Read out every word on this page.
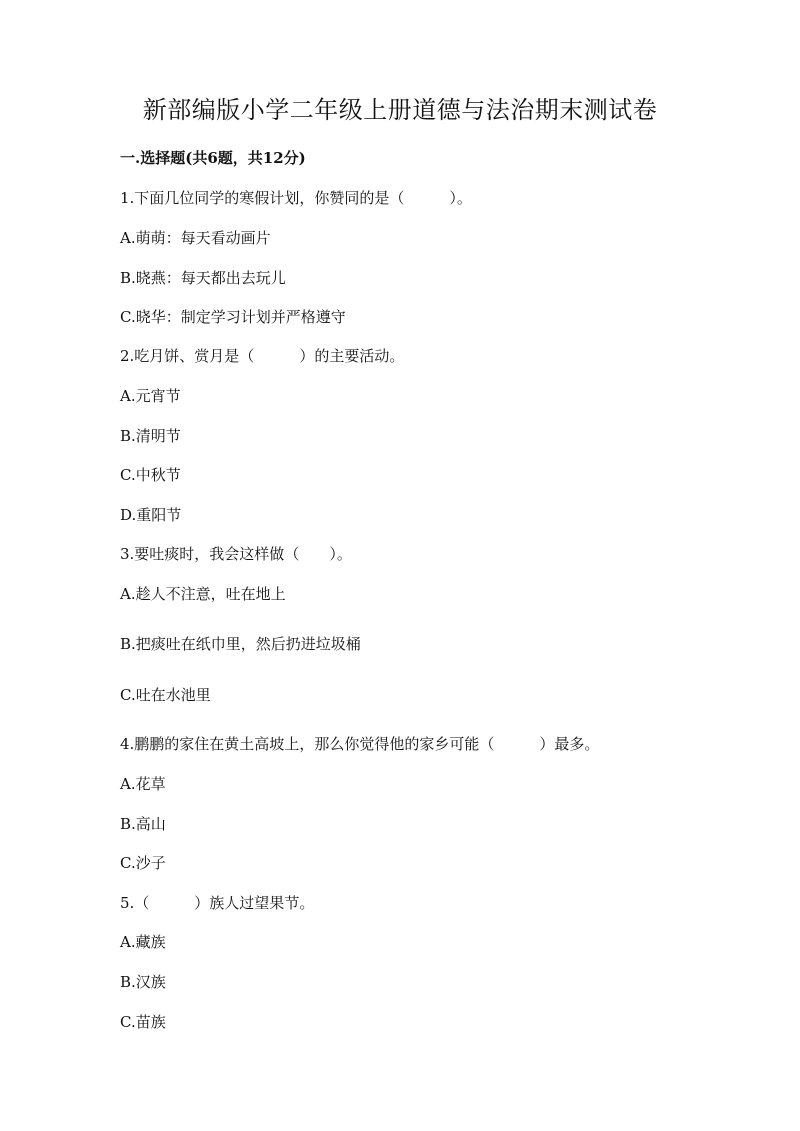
新部编版小学二年级上册道德与法治期末测试卷
一.选择题(共6题，共12分)
1.下面几位同学的寒假计划，你赞同的是（　　　）。
A.萌萌：每天看动画片
B.晓燕：每天都出去玩儿
C.晓华：制定学习计划并严格遵守
2.吃月饼、赏月是（　　　）的主要活动。
A.元宵节
B.清明节
C.中秋节
D.重阳节
3.要吐痰时，我会这样做（　　）。
A.趁人不注意，吐在地上
B.把痰吐在纸巾里，然后扔进垃圾桶
C.吐在水池里
4.鹏鹏的家住在黄土高坡上，那么你觉得他的家乡可能（　　　）最多。
A.花草
B.高山
C.沙子
5.（　　　）族人过望果节。
A.藏族
B.汉族
C.苗族
